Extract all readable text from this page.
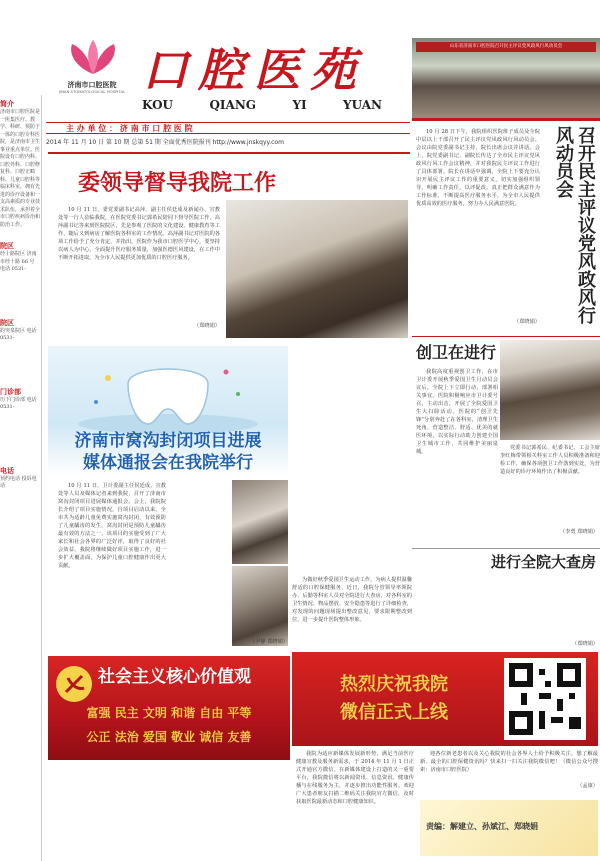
简介
济南市口腔医院是一所集医疗、教学、科研、预防于一体的口腔专科医院，是济南市卫生事业重点单位。医院设有口腔内科、口腔外科、口腔修复科、口腔正畸科、儿童口腔科等临床科室，拥有先进的诊疗设备和一支高素质的专业技术队伍，承担着全市口腔疾病诊治和防治工作。
院区
经十路院区 济南市经十路 66 号 电话 0531-
院区
趵突泉院区 电话 0531-
门诊部
历下门诊部 电话 0531-
电话
预约电话 投诉电话
济南市口腔医院
JINAN STOMATOLOGICAL HOSPITAL 口腔医苑
KOU	QIANG	YI	YUAN
主 办 单 位 ： 济 南 市 口 腔 医 院
2014 年 11 月 10 日 第 10 期 总第 51 期 全面优秀医院报刊 http://www.jnskqyy.com
山东省济南市口腔医院召开民主评议党风政风行风动员会
委领导督导我院工作
10 月 11 日，委党委副书记高萍、副主任侯廷成及新闻办、宣教处等一行人莅临我院，在医院党委书记郭希民陪同下督导医院工作。高萍副书记等来到医院院区，先是参观了医院的文化建设、健康教育等工作，随后又到病房了解医院各科室的工作情况。高萍副书记对医院的各项工作给予了充分肯定，并指出，医院作为我市口腔医学中心，要坚持以病人为中心，全面提升医疗服务质量，加强医德医风建设，在工作中不断开拓进取，为全市人民提供更加优质的口腔医疗服务。
（郑晓娟）
10 月 28 日下午，我院组织医院班子成员及全院中层以上干部召开了民主评议党风政风行风动员会。会议由院党委副书记主持，院长出席会议并讲话。会上，院党委副书记、副院长传达了全市民主评议党风政风行风工作会议精神，并对我院民主评议工作进行了具体部署。院长在讲话中强调，全院上下要充分认识开展民主评议工作的重要意义，切实加强组织领导，明确工作责任，以评促改，真正把群众满意作为工作标准，不断提高医疗服务水平，为全市人民提供优质高效的医疗服务，努力办人民满意医院。
（郑晓娟）	召开民主评议党风政风行风动员会
创卫在进行
我院高度重视创卫工作，在市卫计委开展秋季爱国卫生月动员会议后，全院上下立即行动，部署相关事宜。医院积极响应市卫计委号召，主动出击，开展了全院爱国卫生大扫除活动。医院的“创卫先锋”分别奔赴了在各科室，清理卫生死角，营造整洁、舒适、优美的就医环境，以实际行动助力创建全国卫生城市工作，共同维护美丽泉城。
党委书记郭希民、纪委书记、工会主席李红梅带领相关科室工作人员积极准备和迎检工作，确保各项创卫工作落到实处，为营造良好的诊疗环境作出了积极贡献。
（李勇 郑晓娟）
进行全院大查房
为做好秋季爱国卫生运动工作，为病人提供温馨舒适的口腔保健服务，近日，我院分管领导率领院办、后勤等科室人员对全院进行大查房，对各科室的卫生情况、物品摆放、安全隐患等进行了详细检查，对发现的问题现场提出整改意见，要求限期整改到位，进一步提升医院整体形象。
（郑晓娟）
济南市窝沟封闭项目进展
媒体通报会在我院举行
10 月 11 日，卫计委副主任侯廷成、宣教处等人员及媒体记者来到我院，召开了济南市窝沟封闭项目进展媒体通报会。会上，我院院长介绍了项目实施情况。自项目启动以来，全市共为适龄儿童免费实施窝沟封闭，有效预防了儿童龋齿的发生。窝沟封闭是预防儿童龋齿最有效的方法之一，该项目的实施受到了广大家长和社会各界的广泛好评，取得了良好的社会效益。我院将继续做好项目实施工作，进一步扩大覆盖面，为保护儿童口腔健康作出更大贡献。
（尹静 郑晓娟）
社会主义核心价值观
富强 民主 文明 和谐 自由 平等
公正 法治 爱国 敬业 诚信 友善
热烈庆祝我院
微信正式上线
我院为适应新媒体发展新形势，满足当前医疗健康宣教及服务新需求，于 2014 年 11 月 1 日正式开通官方微信。在新媒体建设上打造的又一重要平台，我院微信将以新闻资讯、信息资讯、健康传播与在线服务为主，并逐步推出功能性服务。欢迎广大患者朋友扫描二维码关注我院官方微信，及时获取医院最新动态和口腔健康知识。
迎各位新老患者以及关心我院的社会各界人士给予积极关注。想了解最新、最全的口腔保健资讯吗？快来扫一扫关注我院微信吧！（微信公众号搜索：济南市口腔医院）
（孟康）
责编：解建立、孙斌江、郑晓娟
